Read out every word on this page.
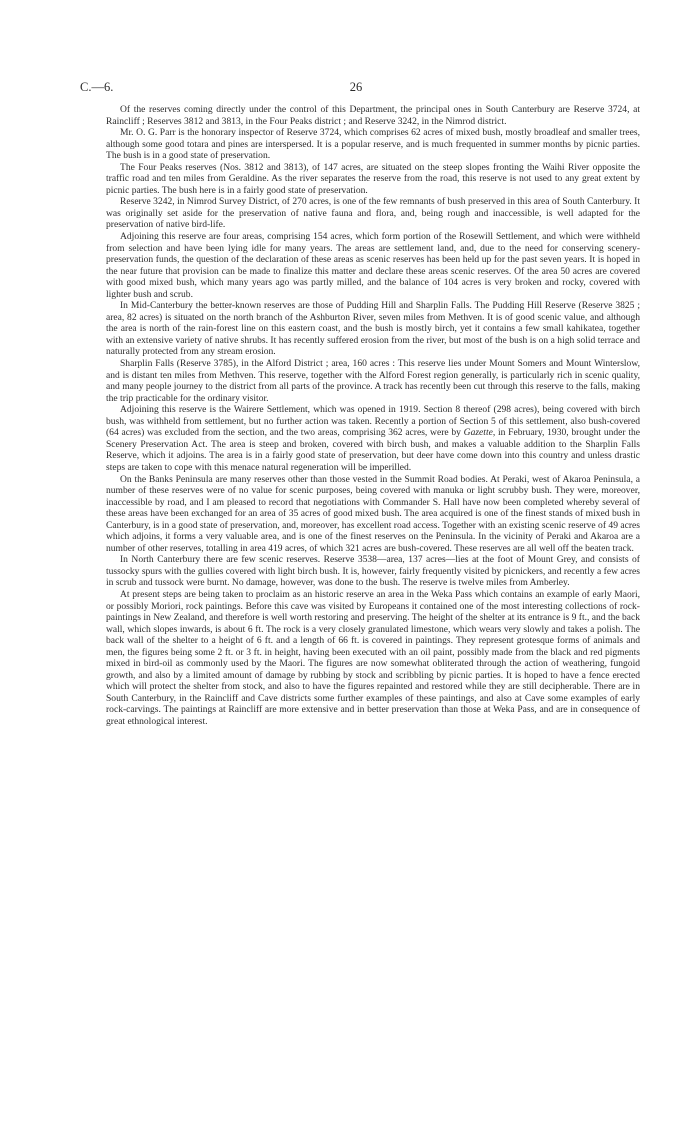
C.—6.	26

Of the reserves coming directly under the control of this Department, the principal ones in South Canterbury are Reserve 3724, at Raincliff ; Reserves 3812 and 3813, in the Four Peaks district ; and Reserve 3242, in the Nimrod district.

Mr. O. G. Parr is the honorary inspector of Reserve 3724, which comprises 62 acres of mixed bush, mostly broadleaf and smaller trees, although some good totara and pines are interspersed. It is a popular reserve, and is much frequented in summer months by picnic parties. The bush is in a good state of preservation.

The Four Peaks reserves (Nos. 3812 and 3813), of 147 acres, are situated on the steep slopes fronting the Waihi River opposite the traffic road and ten miles from Geraldine. As the river separates the reserve from the road, this reserve is not used to any great extent by picnic parties. The bush here is in a fairly good state of preservation.

Reserve 3242, in Nimrod Survey District, of 270 acres, is one of the few remnants of bush preserved in this area of South Canterbury. It was originally set aside for the preservation of native fauna and flora, and, being rough and inaccessible, is well adapted for the preservation of native bird-life.

Adjoining this reserve are four areas, comprising 154 acres, which form portion of the Rosewill Settlement, and which were withheld from selection and have been lying idle for many years. The areas are settlement land, and, due to the need for conserving scenery-preservation funds, the question of the declaration of these areas as scenic reserves has been held up for the past seven years. It is hoped in the near future that provision can be made to finalize this matter and declare these areas scenic reserves. Of the area 50 acres are covered with good mixed bush, which many years ago was partly milled, and the balance of 104 acres is very broken and rocky, covered with lighter bush and scrub.

In Mid-Canterbury the better-known reserves are those of Pudding Hill and Sharplin Falls. The Pudding Hill Reserve (Reserve 3825 ; area, 82 acres) is situated on the north branch of the Ashburton River, seven miles from Methven. It is of good scenic value, and although the area is north of the rain-forest line on this eastern coast, and the bush is mostly birch, yet it contains a few small kahikatea, together with an extensive variety of native shrubs. It has recently suffered erosion from the river, but most of the bush is on a high solid terrace and naturally protected from any stream erosion.

Sharplin Falls (Reserve 3785), in the Alford District ; area, 160 acres : This reserve lies under Mount Somers and Mount Winterslow, and is distant ten miles from Methven. This reserve, together with the Alford Forest region generally, is particularly rich in scenic quality, and many people journey to the district from all parts of the province. A track has recently been cut through this reserve to the falls, making the trip practicable for the ordinary visitor.

Adjoining this reserve is the Wairere Settlement, which was opened in 1919. Section 8 thereof (298 acres), being covered with birch bush, was withheld from settlement, but no further action was taken. Recently a portion of Section 5 of this settlement, also bush-covered (64 acres) was excluded from the section, and the two areas, comprising 362 acres, were by Gazette, in February, 1930, brought under the Scenery Preservation Act. The area is steep and broken, covered with birch bush, and makes a valuable addition to the Sharplin Falls Reserve, which it adjoins. The area is in a fairly good state of preservation, but deer have come down into this country and unless drastic steps are taken to cope with this menace natural regeneration will be imperilled.

On the Banks Peninsula are many reserves other than those vested in the Summit Road bodies. At Peraki, west of Akaroa Peninsula, a number of these reserves were of no value for scenic purposes, being covered with manuka or light scrubby bush. They were, moreover, inaccessible by road, and I am pleased to record that negotiations with Commander S. Hall have now been completed whereby several of these areas have been exchanged for an area of 35 acres of good mixed bush. The area acquired is one of the finest stands of mixed bush in Canterbury, is in a good state of preservation, and, moreover, has excellent road access. Together with an existing scenic reserve of 49 acres which adjoins, it forms a very valuable area, and is one of the finest reserves on the Peninsula. In the vicinity of Peraki and Akaroa are a number of other reserves, totalling in area 419 acres, of which 321 acres are bush-covered. These reserves are all well off the beaten track.

In North Canterbury there are few scenic reserves. Reserve 3538—area, 137 acres—lies at the foot of Mount Grey, and consists of tussocky spurs with the gullies covered with light birch bush. It is, however, fairly frequently visited by picnickers, and recently a few acres in scrub and tussock were burnt. No damage, however, was done to the bush. The reserve is twelve miles from Amberley.

At present steps are being taken to proclaim as an historic reserve an area in the Weka Pass which contains an example of early Maori, or possibly Moriori, rock paintings. Before this cave was visited by Europeans it contained one of the most interesting collections of rock-paintings in New Zealand, and therefore is well worth restoring and preserving. The height of the shelter at its entrance is 9 ft., and the back wall, which slopes inwards, is about 6 ft. The rock is a very closely granulated limestone, which wears very slowly and takes a polish. The back wall of the shelter to a height of 6 ft. and a length of 66 ft. is covered in paintings. They represent grotesque forms of animals and men, the figures being some 2 ft. or 3 ft. in height, having been executed with an oil paint, possibly made from the black and red pigments mixed in bird-oil as commonly used by the Maori. The figures are now somewhat obliterated through the action of weathering, fungoid growth, and also by a limited amount of damage by rubbing by stock and scribbling by picnic parties. It is hoped to have a fence erected which will protect the shelter from stock, and also to have the figures repainted and restored while they are still decipherable. There are in South Canterbury, in the Raincliff and Cave districts some further examples of these paintings, and also at Cave some examples of early rock-carvings. The paintings at Raincliff are more extensive and in better preservation than those at Weka Pass, and are in consequence of great ethnological interest.
